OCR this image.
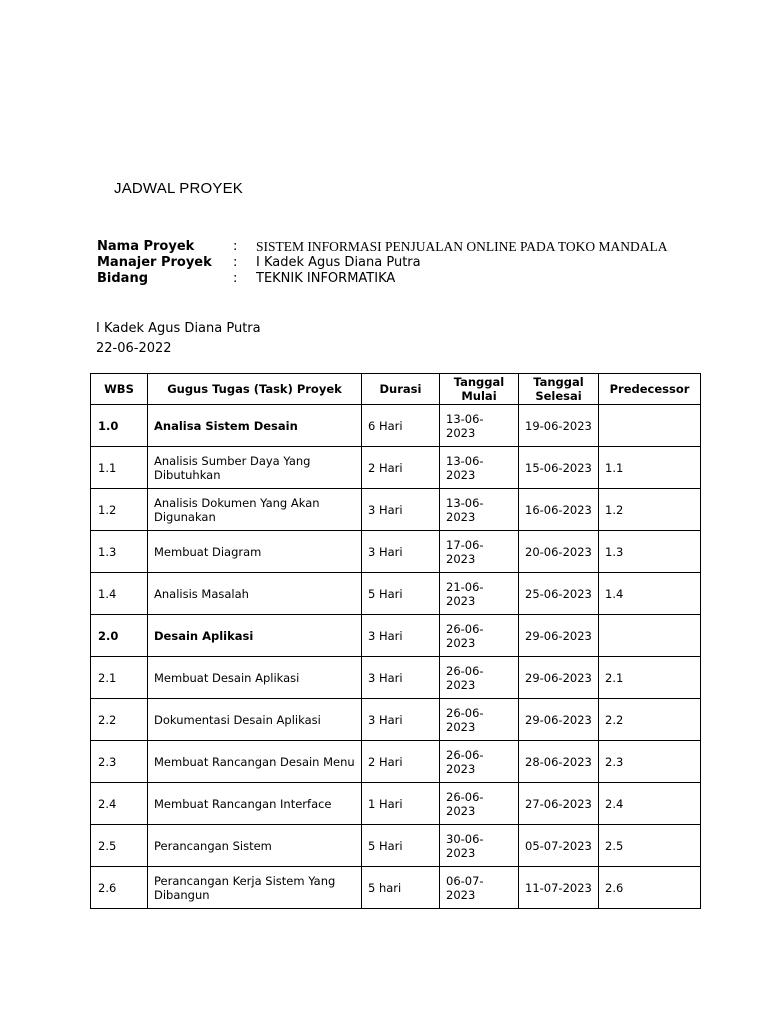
JADWAL PROYEK
Nama Proyek	:	SISTEM INFORMASI PENJUALAN ONLINE PADA TOKO MANDALA
Manajer Proyek	:	I Kadek Agus Diana Putra
Bidang	:	TEKNIK INFORMATIKA
I Kadek Agus Diana Putra
22-06-2022
WBS	Gugus Tugas (Task) Proyek	Durasi	Tanggal Mulai	Tanggal Selesai	Predecessor
1.0	Analisa Sistem Desain	6 Hari	13-06-2023	19-06-2023	
1.1	Analisis Sumber Daya Yang Dibutuhkan	2 Hari	13-06-2023	15-06-2023	1.1
1.2	Analisis Dokumen Yang Akan Digunakan	3 Hari	13-06-2023	16-06-2023	1.2
1.3	Membuat Diagram	3 Hari	17-06-2023	20-06-2023	1.3
1.4	Analisis Masalah	5 Hari	21-06-2023	25-06-2023	1.4
2.0	Desain Aplikasi	3 Hari	26-06-2023	29-06-2023	
2.1	Membuat Desain Aplikasi	3 Hari	26-06-2023	29-06-2023	2.1
2.2	Dokumentasi Desain Aplikasi	3 Hari	26-06-2023	29-06-2023	2.2
2.3	Membuat Rancangan Desain Menu	2 Hari	26-06-2023	28-06-2023	2.3
2.4	Membuat Rancangan Interface	1 Hari	26-06-2023	27-06-2023	2.4
2.5	Perancangan Sistem	5 Hari	30-06-2023	05-07-2023	2.5
2.6	Perancangan Kerja Sistem Yang Dibangun	5 hari	06-07-2023	11-07-2023	2.6
